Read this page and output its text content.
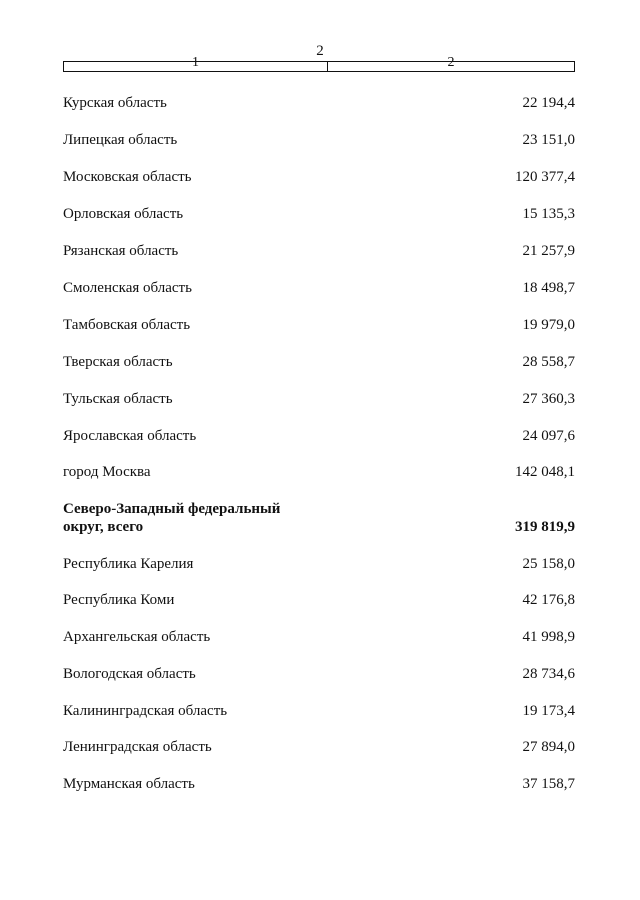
2
1	2
Курская область	22 194,4
Липецкая область	23 151,0
Московская область	120 377,4
Орловская область	15 135,3
Рязанская область	21 257,9
Смоленская область	18 498,7
Тамбовская область	19 979,0
Тверская область	28 558,7
Тульская область	27 360,3
Ярославская область	24 097,6
город Москва	142 048,1
Северо-Западный федеральный округ, всего	319 819,9
Республика Карелия	25 158,0
Республика Коми	42 176,8
Архангельская область	41 998,9
Вологодская область	28 734,6
Калининградская область	19 173,4
Ленинградская область	27 894,0
Мурманская область	37 158,7
